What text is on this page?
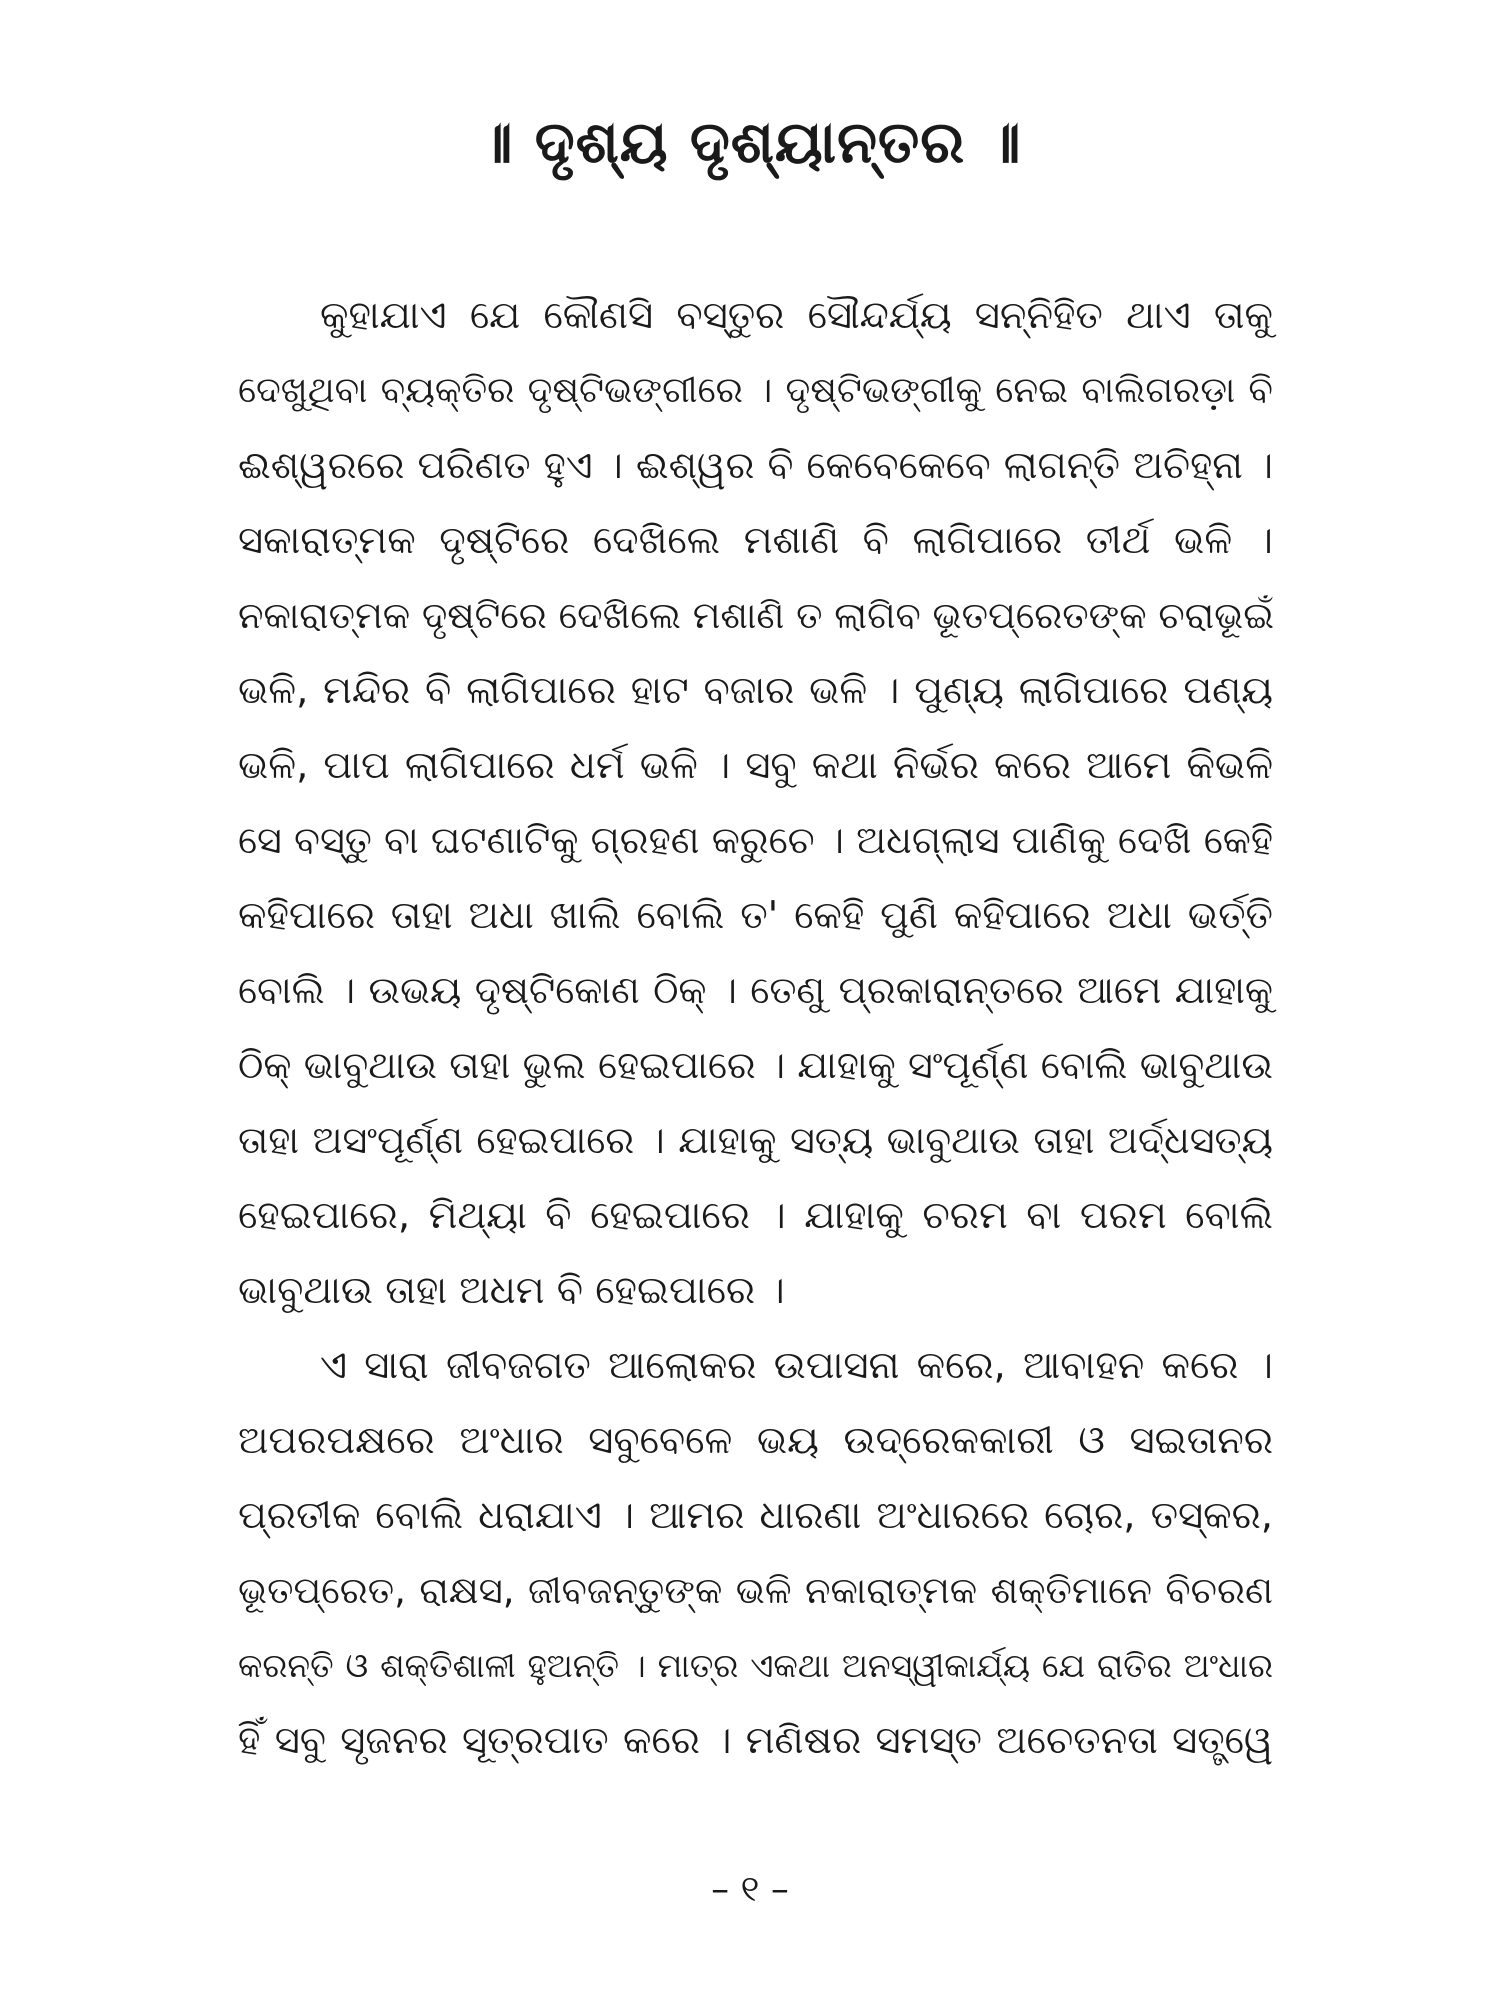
॥ ଦୃଶ୍ୟ ଦୃଶ୍ୟାନ୍ତର ॥
କୁହାଯାଏ ଯେ କୌଣସି ବସ୍ତୁର ସୌନ୍ଦର୍ଯ୍ୟ ସନ୍ନିହିତ ଥାଏ ତାକୁ
ଦେଖୁଥିବା ବ୍ୟକ୍ତିର ଦୃଷ୍ଟିଭଙ୍ଗୀରେ । ଦୃଷ୍ଟିଭଙ୍ଗୀକୁ ନେଇ ବାଲିଗରଡ଼ା ବି
ଈଶ୍ୱରରେ ପରିଣତ ହୁଏ । ଈଶ୍ୱର ବି କେବେକେବେ ଲାଗନ୍ତି ଅଚିହ୍ନା ।
ସକାରାତ୍ମକ ଦୃଷ୍ଟିରେ ଦେଖିଲେ ମଶାଣି ବି ଲାଗିପାରେ ତୀର୍ଥ ଭଳି ।
ନକାରାତ୍ମକ ଦୃଷ୍ଟିରେ ଦେଖିଲେ ମଶାଣି ତ ଲାଗିବ ଭୂତପ୍ରେତଙ୍କ ଚରାଭୂଇଁ
ଭଳି, ମନ୍ଦିର ବି ଲାଗିପାରେ ହାଟ ବଜାର ଭଳି । ପୁଣ୍ୟ ଲାଗିପାରେ ପଣ୍ୟ
ଭଳି, ପାପ ଲାଗିପାରେ ଧର୍ମ ଭଳି । ସବୁ କଥା ନିର୍ଭର କରେ ଆମେ କିଭଳି
ସେ ବସ୍ତୁ ବା ଘଟଣାଟିକୁ ଗ୍ରହଣ କରୁଚେ । ଅଧଗ୍ଲାସ ପାଣିକୁ ଦେଖି କେହି
କହିପାରେ ତାହା ଅଧା ଖାଲି ବୋଲି ତ' କେହି ପୁଣି କହିପାରେ ଅଧା ଭର୍ତ୍ତି
ବୋଲି । ଉଭୟ ଦୃଷ୍ଟିକୋଣ ଠିକ୍ । ତେଣୁ ପ୍ରକାରାନ୍ତରେ ଆମେ ଯାହାକୁ
ଠିକ୍ ଭାବୁଥାଉ ତାହା ଭୁଲ ହେଇପାରେ । ଯାହାକୁ ସଂପୂର୍ଣ୍ଣ ବୋଲି ଭାବୁଥାଉ
ତାହା ଅସଂପୂର୍ଣ୍ଣ ହେଇପାରେ । ଯାହାକୁ ସତ୍ୟ ଭାବୁଥାଉ ତାହା ଅର୍ଦ୍ଧସତ୍ୟ
ହେଇପାରେ, ମିଥ୍ୟା ବି ହେଇପାରେ । ଯାହାକୁ ଚରମ ବା ପରମ ବୋଲି
ଭାବୁଥାଉ ତାହା ଅଧମ ବି ହେଇପାରେ ।
ଏ ସାରା ଜୀବଜଗତ ଆଲୋକର ଉପାସନା କରେ, ଆବାହନ କରେ ।
ଅପରପକ୍ଷରେ ଅଂଧାର ସବୁବେଳେ ଭୟ ଉଦ୍ରେକକାରୀ ଓ ସଇତାନର
ପ୍ରତୀକ ବୋଲି ଧରାଯାଏ । ଆମର ଧାରଣା ଅଂଧାରରେ ଚୋର, ତସ୍କର,
ଭୂତପ୍ରେତ, ରାକ୍ଷସ, ଜୀବଜନ୍ତୁଙ୍କ ଭଳି ନକାରାତ୍ମକ ଶକ୍ତିମାନେ ବିଚରଣ
କରନ୍ତି ଓ ଶକ୍ତିଶାଳୀ ହୁଅନ୍ତି । ମାତ୍ର ଏକଥା ଅନସ୍ୱୀକାର୍ଯ୍ୟ ଯେ ରାତିର ଅଂଧାର
ହିଁ ସବୁ ସୃଜନର ସୂତ୍ରପାତ କରେ । ମଣିଷର ସମସ୍ତ ଅଚେତନତା ସତ୍ତ୍ୱେ
– ୧ –
